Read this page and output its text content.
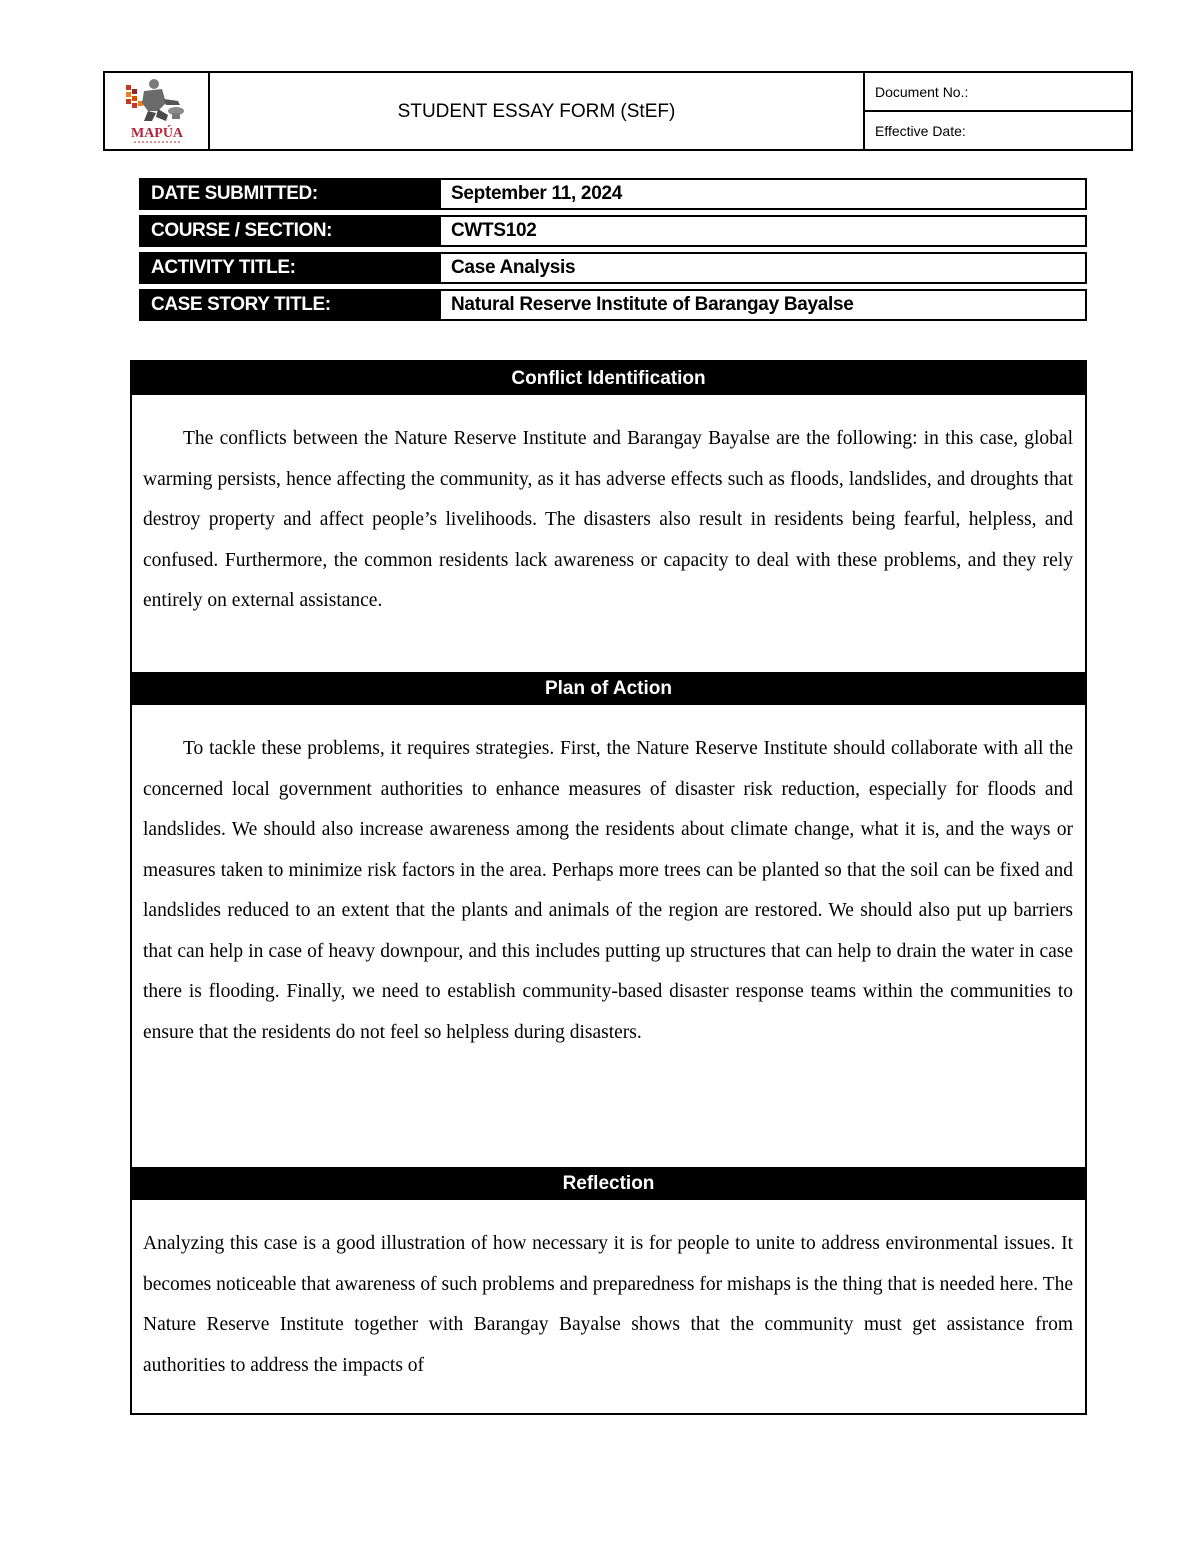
MAPÚA
STUDENT ESSAY FORM (StEF)
Document No.:
Effective Date:
DATE SUBMITTED:	September 11, 2024
COURSE / SECTION:	CWTS102
ACTIVITY TITLE:	Case Analysis
CASE STORY TITLE:	Natural Reserve Institute of Barangay Bayalse
Conflict Identification

The conflicts between the Nature Reserve Institute and Barangay Bayalse are the following: in this case, global warming persists, hence affecting the community, as it has adverse effects such as floods, landslides, and droughts that destroy property and affect people’s livelihoods. The disasters also result in residents being fearful, helpless, and confused. Furthermore, the common residents lack awareness or capacity to deal with these problems, and they rely entirely on external assistance.

Plan of Action

To tackle these problems, it requires strategies. First, the Nature Reserve Institute should collaborate with all the concerned local government authorities to enhance measures of disaster risk reduction, especially for floods and landslides. We should also increase awareness among the residents about climate change, what it is, and the ways or measures taken to minimize risk factors in the area. Perhaps more trees can be planted so that the soil can be fixed and landslides reduced to an extent that the plants and animals of the region are restored. We should also put up barriers that can help in case of heavy downpour, and this includes putting up structures that can help to drain the water in case there is flooding. Finally, we need to establish community-based disaster response teams within the communities to ensure that the residents do not feel so helpless during disasters.

Reflection

Analyzing this case is a good illustration of how necessary it is for people to unite to address environmental issues. It becomes noticeable that awareness of such problems and preparedness for mishaps is the thing that is needed here. The Nature Reserve Institute together with Barangay Bayalse shows that the community must get assistance from authorities to address the impacts of
